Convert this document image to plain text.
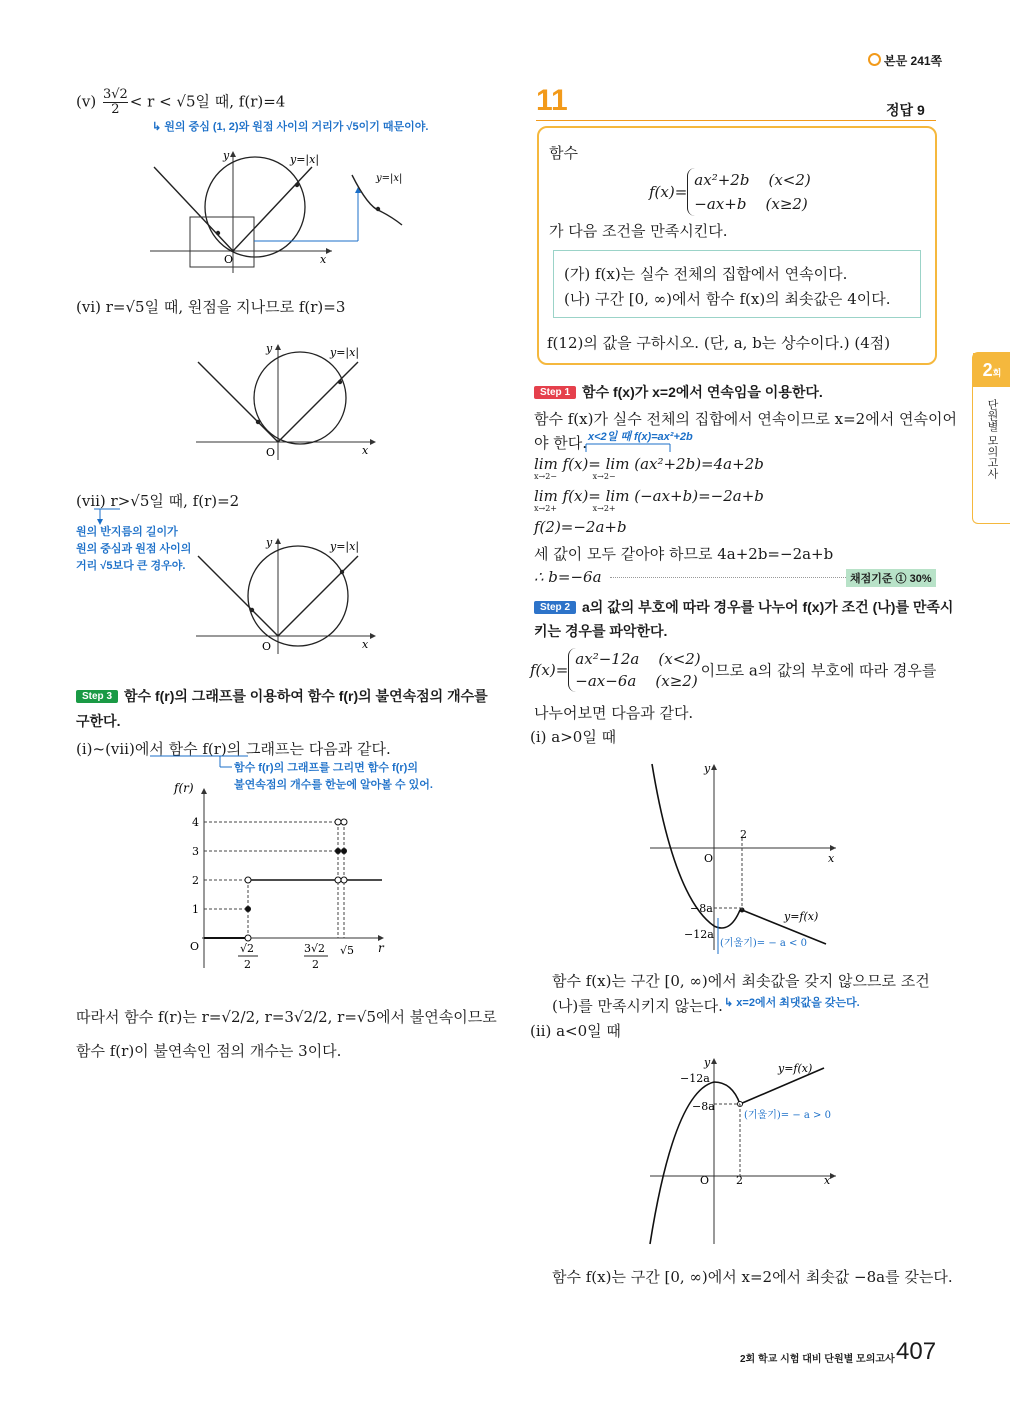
본문 241쪽
(ⅴ) $\frac{3√2}{2} < r < √5$일 때, f(r)=4
↳ 원의 중심 (1, 2)와 원점 사이의 거리가 √5이기 때문이야.
y
x
O
y=|x|
y=|x|
(ⅵ) r=√5일 때, 원점을 지나므로 f(r)=3
y
x
O
y=|x|
(ⅶ) r>√5일 때, f(r)=2
원의 반지름의 길이가
원의 중심과 원점 사이의
거리 √5보다 큰 경우야.
y
x
O
y=|x|
Step 3 함수 f(r)의 그래프를 이용하여 함수 f(r)의 불연속점의 개수를
구한다.
(ⅰ)~(ⅶ)에서 함수 f(r)의 그래프는 다음과 같다.
함수 f(r)의 그래프를 그리면 함수 f(r)의
불연속점의 개수를 한눈에 알아볼 수 있어.
f(r)
r
O
4
3
2
1
√2
2
3√2
2
√5
따라서 함수 f(r)는 r=√2/2, r=3√2/2, r=√5에서 불연속이므로
함수 f(r)이 불연속인 점의 개수는 3이다.
11	정답 9
함수
f(x)=
ax²+2b    (x<2)
−ax+b    (x≥2)
가 다음 조건을 만족시킨다.
(가) f(x)는 실수 전체의 집합에서 연속이다.
(나) 구간 [0, ∞)에서 함수 f(x)의 최솟값은 4이다.
f(12)의 값을 구하시오. (단, a, b는 상수이다.) (4점)
Step 1 함수 f(x)가 x=2에서 연속임을 이용한다.
함수 f(x)가 실수 전체의 집합에서 연속이므로 x=2에서 연속이어
야 한다. x<2일 때 f(x)=ax²+2b
lim f(x)= lim (ax²+2b)=4a+2b
x→2−              x→2−
lim f(x)= lim (−ax+b)=−2a+b
x→2+              x→2+
f(2)=−2a+b
세 값이 모두 같아야 하므로 4a+2b=−2a+b
∴ b=−6a	채점기준 ① 30%
Step 2 a의 값의 부호에 따라 경우를 나누어 f(x)가 조건 (나)를 만족시
키는 경우를 파악한다.
f(x)=
ax²−12a    (x<2)
−ax−6a    (x≥2)
이므로 a의 값의 부호에 따라 경우를
나누어보면 다음과 같다.
(ⅰ) a>0일 때
y
x
O
2
−8a
−12a
y=f(x)
(기울기)= − a < 0
함수 f(x)는 구간 [0, ∞)에서 최솟값을 갖지 않으므로 조건
(나)를 만족시키지 않는다. ↳ x=2에서 최댓값을 갖는다.
(ⅱ) a<0일 때
y
x
O 2
−12a
−8a
y=f(x)
(기울기)= − a > 0
함수 f(x)는 구간 [0, ∞)에서 x=2에서 최솟값 −8a를 갖는다.
2회
단원별 모의고사
2회 학교 시험 대비 단원별 모의고사 407
